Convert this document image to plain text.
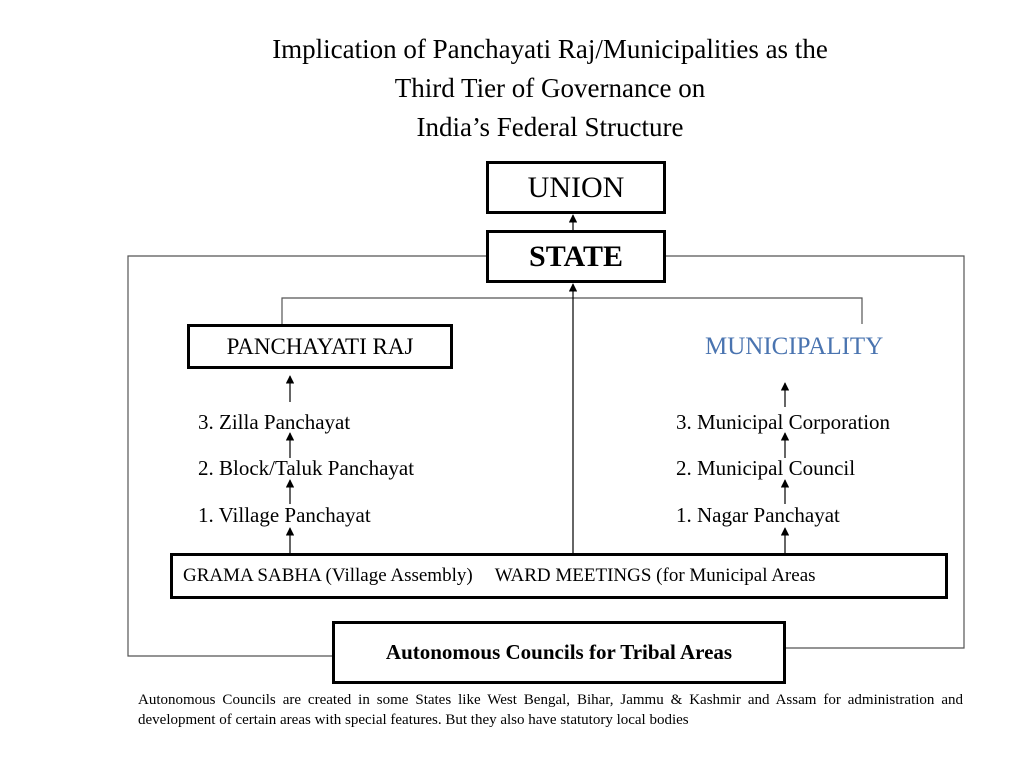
Implication of Panchayati Raj/Municipalities as the
Third Tier of Governance on
India’s Federal Structure
UNION
STATE
PANCHAYATI RAJ	MUNICIPALITY
3. Zilla Panchayat
2. Block/Taluk Panchayat
1. Village Panchayat
3. Municipal Corporation
2. Municipal Council
1. Nagar Panchayat
GRAMA SABHA (Village Assembly) WARD MEETINGS (for Municipal Areas
Autonomous Councils for Tribal Areas
Autonomous Councils are created in some States like West Bengal, Bihar, Jammu & Kashmir and Assam for administration and development of certain areas with special features. But they also have statutory local bodies
